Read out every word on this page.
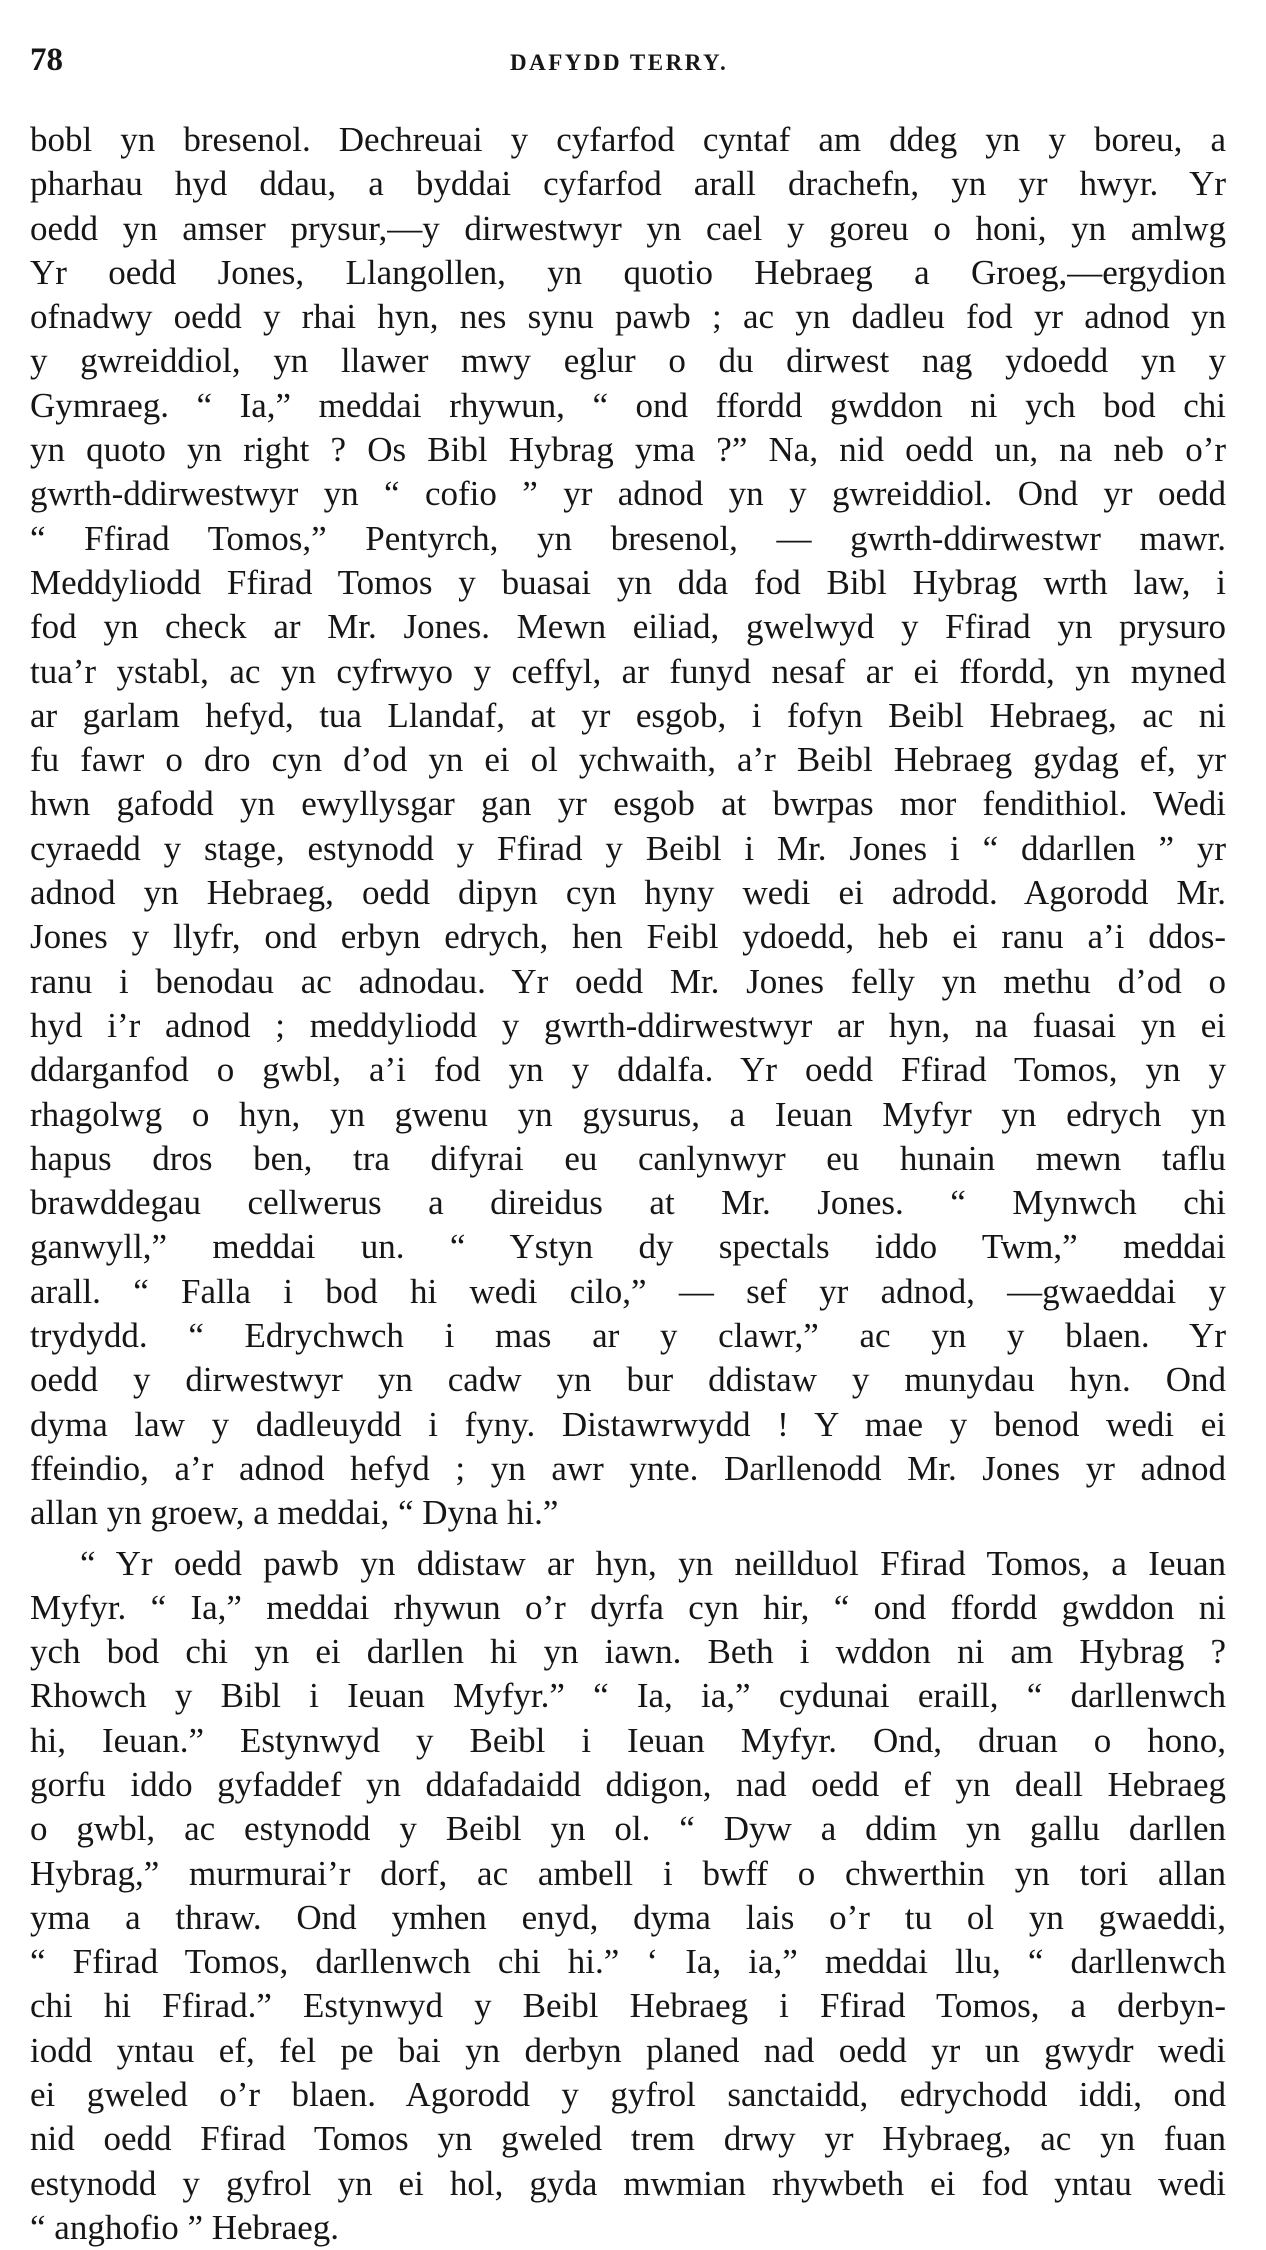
78	DAFYDD TERRY.
bobl yn bresenol. Dechreuai y cyfarfod cyntaf am ddeg yn y boreu, a
pharhau hyd ddau, a byddai cyfarfod arall drachefn, yn yr hwyr. Yr
oedd yn amser prysur,—y dirwestwyr yn cael y goreu o honi, yn amlwg
Yr oedd Jones, Llangollen, yn quotio Hebraeg a Groeg,—ergydion
ofnadwy oedd y rhai hyn, nes synu pawb ; ac yn dadleu fod yr adnod yn
y gwreiddiol, yn llawer mwy eglur o du dirwest nag ydoedd yn y
Gymraeg. “ Ia,” meddai rhywun, “ ond ffordd gwddon ni ych bod chi
yn quoto yn right ? Os Bibl Hybrag yma ?” Na, nid oedd un, na neb o’r
gwrth-ddirwestwyr yn “ cofio ” yr adnod yn y gwreiddiol. Ond yr oedd
“ Ffirad Tomos,” Pentyrch, yn bresenol, — gwrth-ddirwestwr mawr.
Meddyliodd Ffirad Tomos y buasai yn dda fod Bibl Hybrag wrth law, i
fod yn check ar Mr. Jones. Mewn eiliad, gwelwyd y Ffirad yn prysuro
tua’r ystabl, ac yn cyfrwyo y ceffyl, ar funyd nesaf ar ei ffordd, yn myned
ar garlam hefyd, tua Llandaf, at yr esgob, i fofyn Beibl Hebraeg, ac ni
fu fawr o dro cyn d’od yn ei ol ychwaith, a’r Beibl Hebraeg gydag ef, yr
hwn gafodd yn ewyllysgar gan yr esgob at bwrpas mor fendithiol. Wedi
cyraedd y stage, estynodd y Ffirad y Beibl i Mr. Jones i “ ddarllen ” yr
adnod yn Hebraeg, oedd dipyn cyn hyny wedi ei adrodd. Agorodd Mr.
Jones y llyfr, ond erbyn edrych, hen Feibl ydoedd, heb ei ranu a’i ddos-
ranu i benodau ac adnodau. Yr oedd Mr. Jones felly yn methu d’od o
hyd i’r adnod ; meddyliodd y gwrth-ddirwestwyr ar hyn, na fuasai yn ei
ddarganfod o gwbl, a’i fod yn y ddalfa. Yr oedd Ffirad Tomos, yn y
rhagolwg o hyn, yn gwenu yn gysurus, a Ieuan Myfyr yn edrych yn
hapus dros ben, tra difyrai eu canlynwyr eu hunain mewn taflu
brawddegau cellwerus a direidus at Mr. Jones. “ Mynwch chi
ganwyll,” meddai un. “ Ystyn dy spectals iddo Twm,” meddai
arall. “ Falla i bod hi wedi cilo,” — sef yr adnod, —gwaeddai y
trydydd. “ Edrychwch i mas ar y clawr,” ac yn y blaen. Yr
oedd y dirwestwyr yn cadw yn bur ddistaw y munydau hyn. Ond
dyma law y dadleuydd i fyny. Distawrwydd ! Y mae y benod wedi ei
ffeindio, a’r adnod hefyd ; yn awr ynte. Darllenodd Mr. Jones yr adnod
allan yn groew, a meddai, “ Dyna hi.”
“ Yr oedd pawb yn ddistaw ar hyn, yn neillduol Ffirad Tomos, a Ieuan
Myfyr. “ Ia,” meddai rhywun o’r dyrfa cyn hir, “ ond ffordd gwddon ni
ych bod chi yn ei darllen hi yn iawn. Beth i wddon ni am Hybrag ?
Rhowch y Bibl i Ieuan Myfyr.” “ Ia, ia,” cydunai eraill, “ darllenwch
hi, Ieuan.” Estynwyd y Beibl i Ieuan Myfyr. Ond, druan o hono,
gorfu iddo gyfaddef yn ddafadaidd ddigon, nad oedd ef yn deall Hebraeg
o gwbl, ac estynodd y Beibl yn ol. “ Dyw a ddim yn gallu darllen
Hybrag,” murmurai’r dorf, ac ambell i bwff o chwerthin yn tori allan
yma a thraw. Ond ymhen enyd, dyma lais o’r tu ol yn gwaeddi,
“ Ffirad Tomos, darllenwch chi hi.” ‘ Ia, ia,” meddai llu, “ darllenwch
chi hi Ffirad.” Estynwyd y Beibl Hebraeg i Ffirad Tomos, a derbyn-
iodd yntau ef, fel pe bai yn derbyn planed nad oedd yr un gwydr wedi
ei gweled o’r blaen. Agorodd y gyfrol sanctaidd, edrychodd iddi, ond
nid oedd Ffirad Tomos yn gweled trem drwy yr Hybraeg, ac yn fuan
estynodd y gyfrol yn ei hol, gyda mwmian rhywbeth ei fod yntau wedi
“ anghofio ” Hebraeg.
